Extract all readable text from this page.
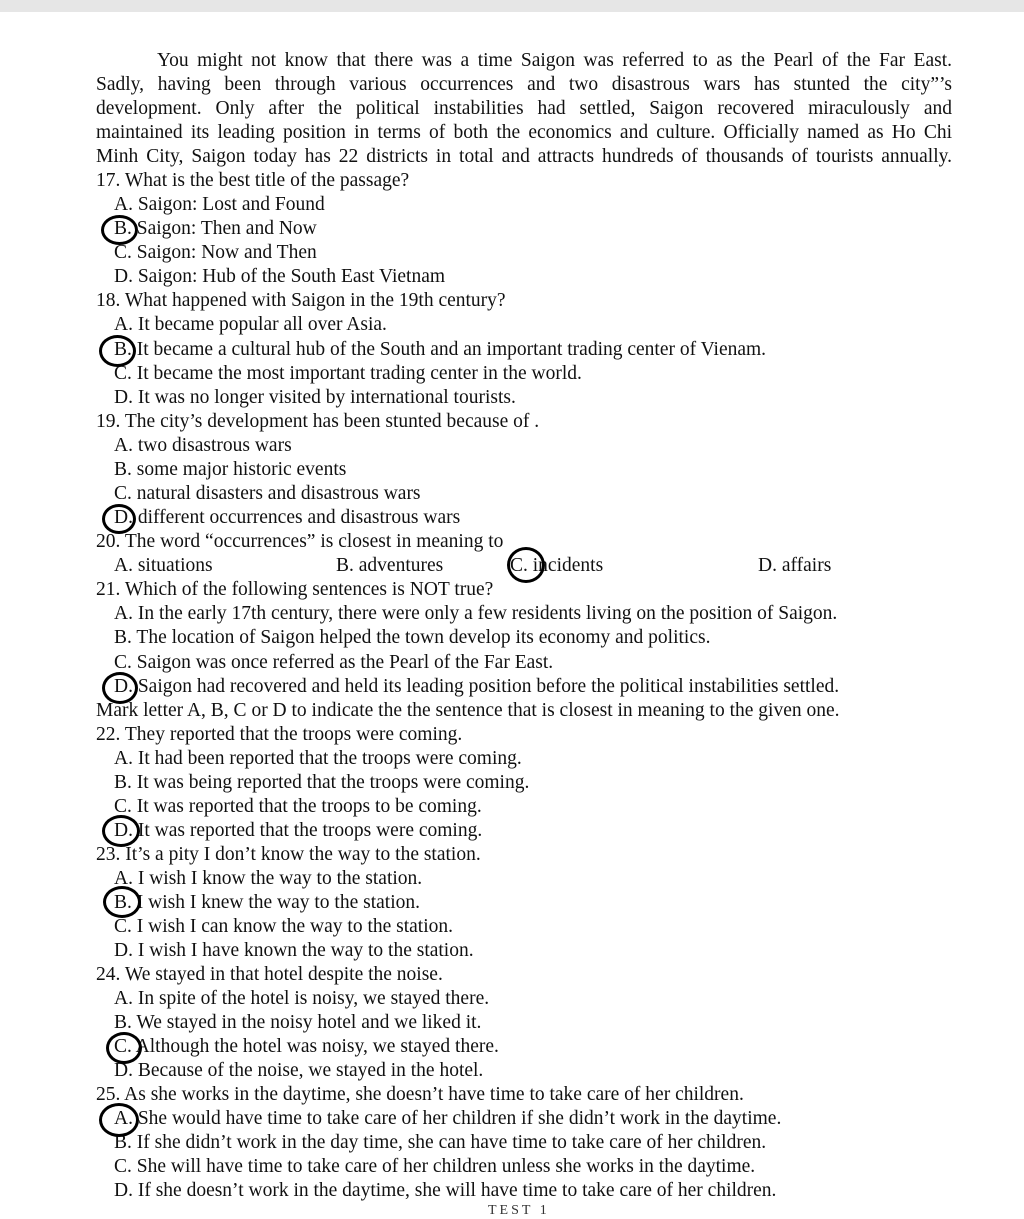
You might not know that there was a time Saigon was referred to as the Pearl of the Far East.
Sadly, having been through various occurrences and two disastrous wars has stunted the city”’s
development. Only after the political instabilities had settled, Saigon recovered miraculously and
maintained its leading position in terms of both the economics and culture. Officially named as Ho Chi
Minh City, Saigon today has 22 districts in total and attracts hundreds of thousands of tourists annually.
17. What is the best title of the passage?
A. Saigon: Lost and Found
B. Saigon: Then and Now
C. Saigon: Now and Then
D. Saigon: Hub of the South East Vietnam
18. What happened with Saigon in the 19th century?
A. It became popular all over Asia.
B. It became a cultural hub of the South and an important trading center of Vienam.
C. It became the most important trading center in the world.
D. It was no longer visited by international tourists.
19. The city’s development has been stunted because of .
A. two disastrous wars
B. some major historic events
C. natural disasters and disastrous wars
D. different occurrences and disastrous wars
20. The word “occurrences” is closest in meaning to
A. situations	B. adventures	C. incidents	D. affairs
21. Which of the following sentences is NOT true?
A. In the early 17th century, there were only a few residents living on the position of Saigon.
B. The location of Saigon helped the town develop its economy and politics.
C. Saigon was once referred as the Pearl of the Far East.
D. Saigon had recovered and held its leading position before the political instabilities settled.
Mark letter A, B, C or D to indicate the the sentence that is closest in meaning to the given one.
22. They reported that the troops were coming.
A. It had been reported that the troops were coming.
B. It was being reported that the troops were coming.
C. It was reported that the troops to be coming.
D. It was reported that the troops were coming.
23. It’s a pity I don’t know the way to the station.
A. I wish I know the way to the station.
B. I wish I knew the way to the station.
C. I wish I can know the way to the station.
D. I wish I have known the way to the station.
24. We stayed in that hotel despite the noise.
A. In spite of the hotel is noisy, we stayed there.
B. We stayed in the noisy hotel and we liked it.
C. Although the hotel was noisy, we stayed there.
D. Because of the noise, we stayed in the hotel.
25. As she works in the daytime, she doesn’t have time to take care of her children.
A. She would have time to take care of her children if she didn’t work in the daytime.
B. If she didn’t work in the day time, she can have time to take care of her children.
C. She will have time to take care of her children unless she works in the daytime.
D. If she doesn’t work in the daytime, she will have time to take care of her children.
TEST 1
